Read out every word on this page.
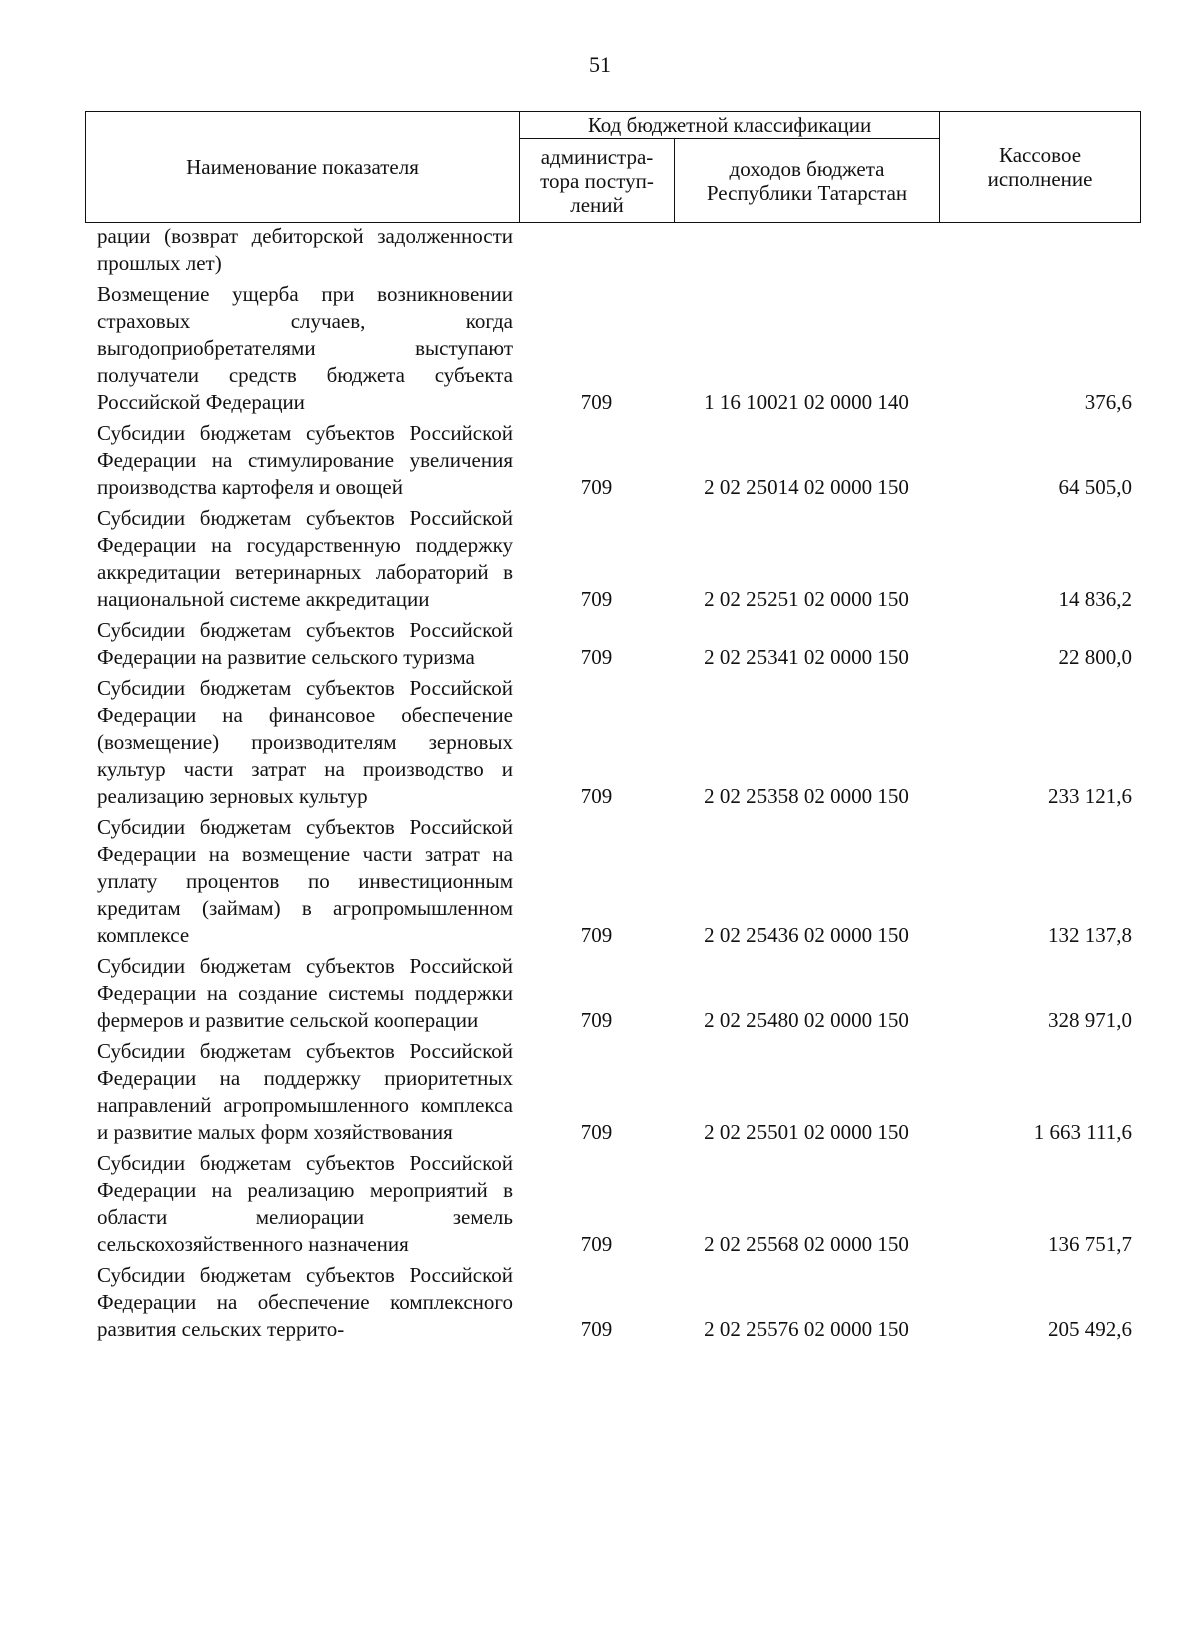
51
Наименование показателя	Код бюджетной классификации		Кассовое исполнение
	администра-тора поступ-лений	доходов бюджета Республики Татарстан	
рации (возврат дебиторской задолженности прошлых лет)			
Возмещение ущерба при возникновении страховых случаев, когда выгодоприобретателями выступают получатели средств бюджета субъекта Российской Федерации	709	1 16 10021 02 0000 140	376,6
Субсидии бюджетам субъектов Российской Федерации на стимулирование увеличения производства картофеля и овощей	709	2 02 25014 02 0000 150	64 505,0
Субсидии бюджетам субъектов Российской Федерации на государственную поддержку аккредитации ветеринарных лабораторий в национальной системе аккредитации	709	2 02 25251 02 0000 150	14 836,2
Субсидии бюджетам субъектов Российской Федерации на развитие сельского туризма	709	2 02 25341 02 0000 150	22 800,0
Субсидии бюджетам субъектов Российской Федерации на финансовое обеспечение (возмещение) производителям зерновых культур части затрат на производство и реализацию зерновых культур	709	2 02 25358 02 0000 150	233 121,6
Субсидии бюджетам субъектов Российской Федерации на возмещение части затрат на уплату процентов по инвестиционным кредитам (займам) в агропромышленном комплексе	709	2 02 25436 02 0000 150	132 137,8
Субсидии бюджетам субъектов Российской Федерации на создание системы поддержки фермеров и развитие сельской кооперации	709	2 02 25480 02 0000 150	328 971,0
Субсидии бюджетам субъектов Российской Федерации на поддержку приоритетных направлений агропромышленного комплекса и развитие малых форм хозяйствования	709	2 02 25501 02 0000 150	1 663 111,6
Субсидии бюджетам субъектов Российской Федерации на реализацию мероприятий в области мелиорации земель сельскохозяйственного назначения	709	2 02 25568 02 0000 150	136 751,7
Субсидии бюджетам субъектов Российской Федерации на обеспечение комплексного развития сельских террито-	709	2 02 25576 02 0000 150	205 492,6
